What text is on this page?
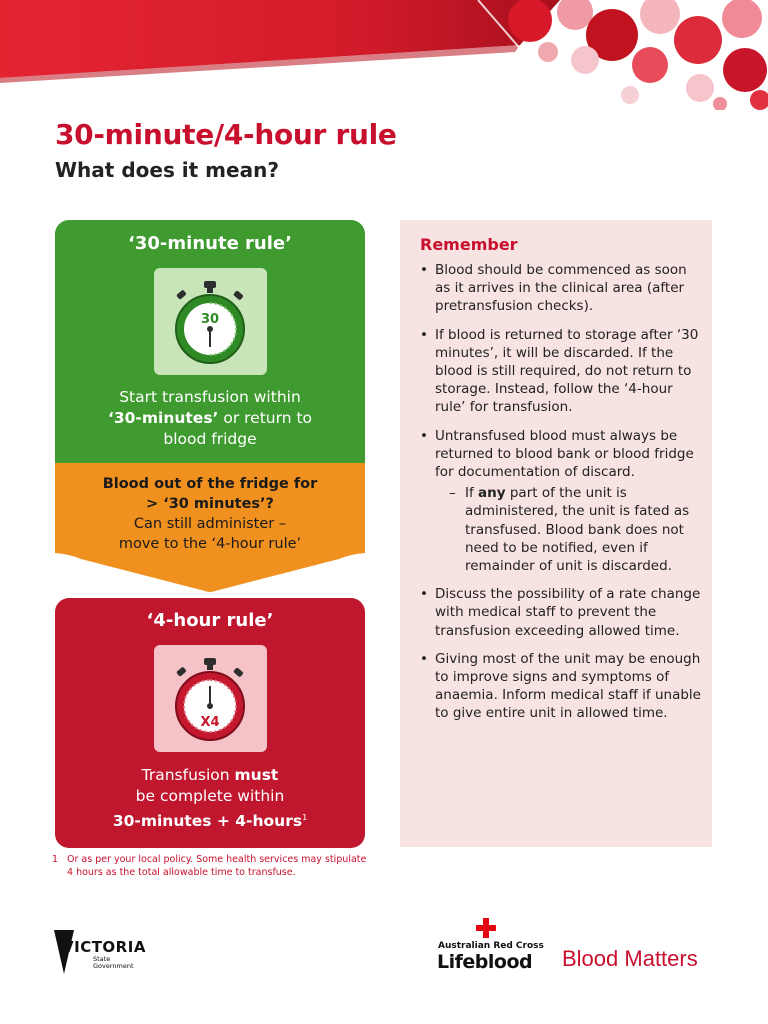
30-minute/4-hour rule
What does it mean?
‘30-minute rule’
30
Start transfusion within
‘30-minutes’ or return to
blood fridge
Blood out of the fridge for
> ‘30 minutes’?
Can still administer –
move to the ‘4-hour rule’
‘4-hour rule’
X4
Transfusion must
be complete within
30-minutes + 4-hours$^1$
1 Or as per your local policy. Some health services may stipulate 4 hours as the total allowable time to transfuse.
Remember
• Blood should be commenced as soon as it arrives in the clinical area (after pretransfusion checks).
• If blood is returned to storage after ‘30 minutes’, it will be discarded. If the blood is still required, do not return to storage. Instead, follow the ‘4-hour rule’ for transfusion.
• Untransfused blood must always be returned to blood bank or blood fridge for documentation of discard.
– If any part of the unit is administered, the unit is fated as transfused. Blood bank does not need to be notified, even if remainder of unit is discarded.
• Discuss the possibility of a rate change with medical staff to prevent the transfusion exceeding allowed time.
• Giving most of the unit may be enough to improve signs and symptoms of anaemia. Inform medical staff if unable to give entire unit in allowed time.
VICTORIA
State
Government
Australian Red Cross
Lifeblood Blood Matters
